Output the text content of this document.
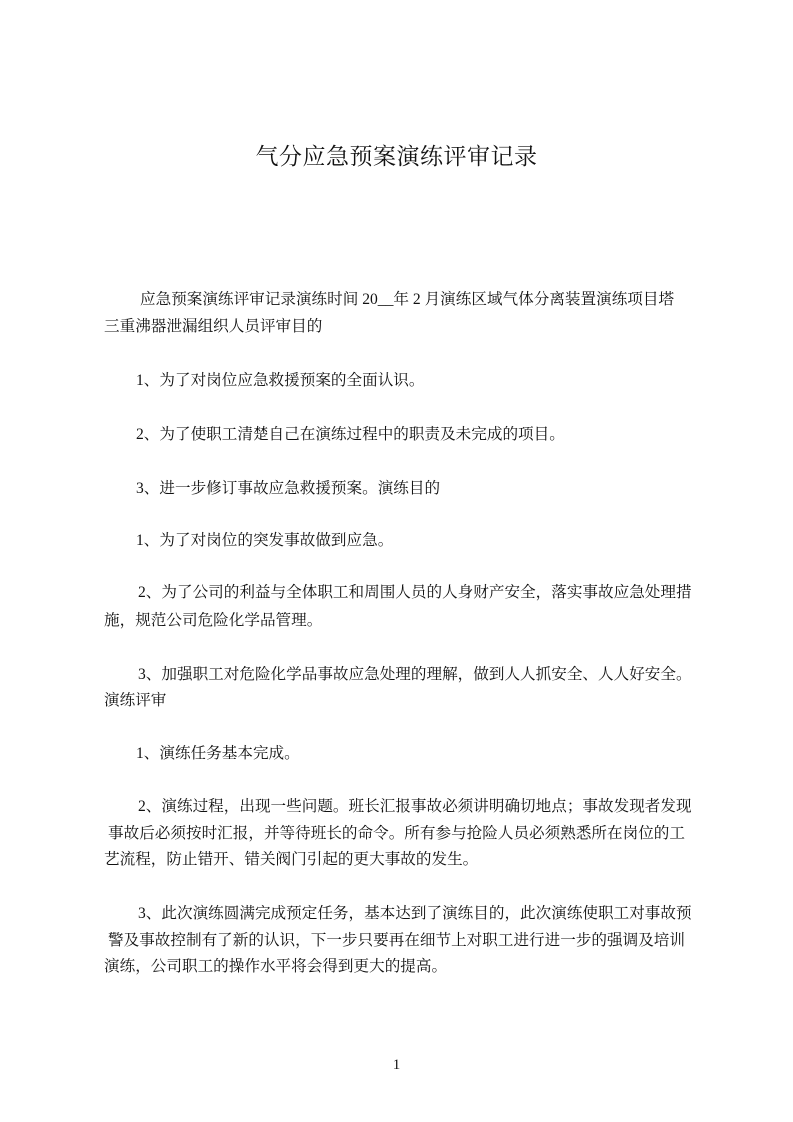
气分应急预案演练评审记录
应急预案演练评审记录演练时间 20__年 2 月演练区域气体分离装置演练项目塔
三重沸器泄漏组织人员评审目的
1、为了对岗位应急救援预案的全面认识。
2、为了使职工清楚自己在演练过程中的职责及未完成的项目。
3、进一步修订事故应急救援预案。演练目的
1、为了对岗位的突发事故做到应急。
2、为了公司的利益与全体职工和周围人员的人身财产安全，落实事故应急处理措
施，规范公司危险化学品管理。
3、加强职工对危险化学品事故应急处理的理解，做到人人抓安全、人人好安全。
演练评审
1、演练任务基本完成。
2、演练过程，出现一些问题。班长汇报事故必须讲明确切地点；事故发现者发现
事故后必须按时汇报，并等待班长的命令。所有参与抢险人员必须熟悉所在岗位的工
艺流程，防止错开、错关阀门引起的更大事故的发生。
3、此次演练圆满完成预定任务，基本达到了演练目的，此次演练使职工对事故预
警及事故控制有了新的认识，下一步只要再在细节上对职工进行进一步的强调及培训
演练，公司职工的操作水平将会得到更大的提高。
1
